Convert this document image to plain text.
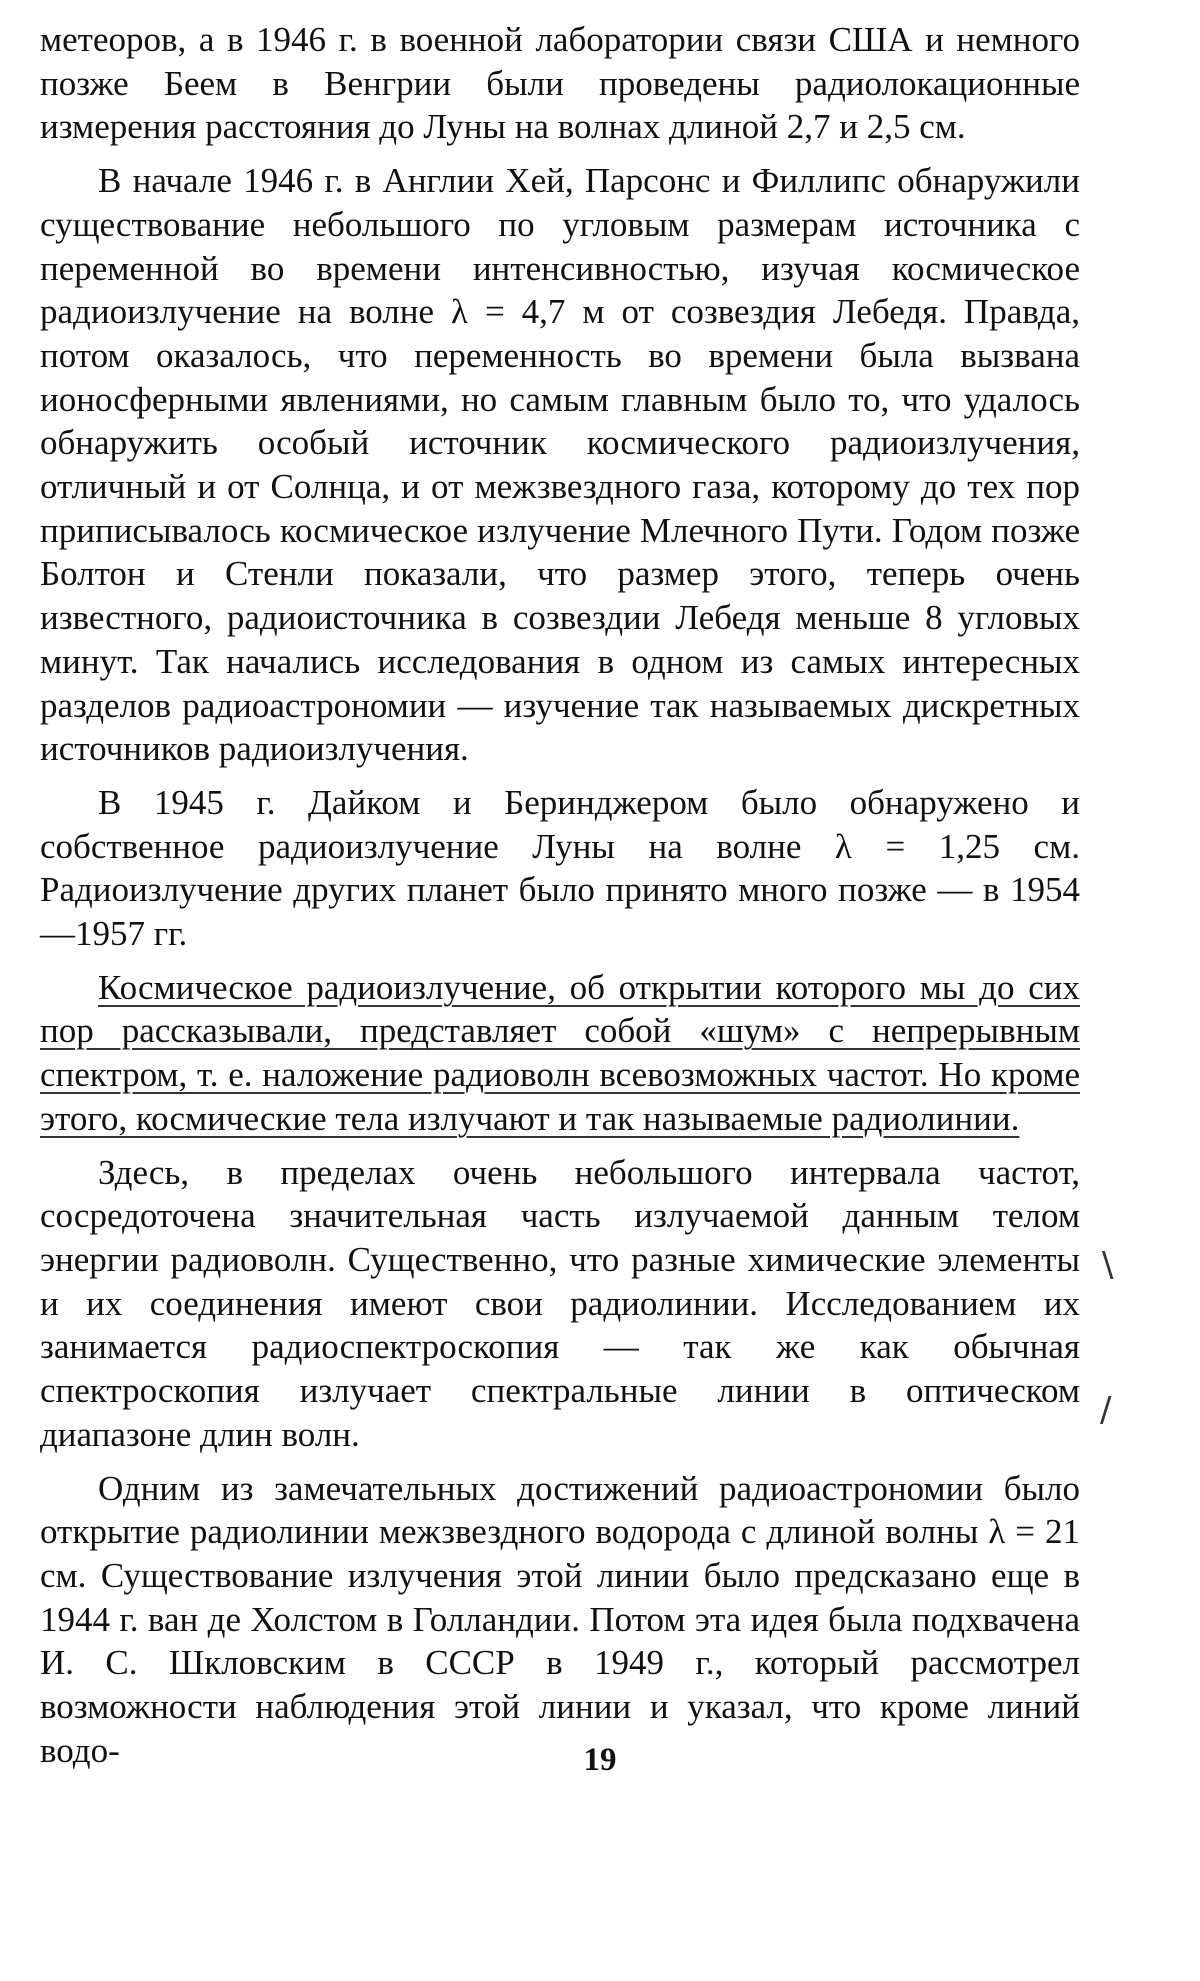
метеоров, а в 1946 г. в военной лаборатории связи США и немного позже Беем в Венгрии были проведены радиолокационные измерения расстояния до Луны на волнах длиной 2,7 и 2,5 см.

В начале 1946 г. в Англии Хей, Парсонс и Филлипс обнаружили существование небольшого по угловым размерам источника с переменной во времени интенсивностью, изучая космическое радиоизлучение на волне λ = 4,7 м от созвездия Лебедя. Правда, потом оказалось, что переменность во времени была вызвана ионосферными явлениями, но самым главным было то, что удалось обнаружить особый источник космического радиоизлучения, отличный и от Солнца, и от межзвездного газа, которому до тех пор приписывалось космическое излучение Млечного Пути. Годом позже Болтон и Стенли показали, что размер этого, теперь очень известного, радиоисточника в созвездии Лебедя меньше 8 угловых минут. Так начались исследования в одном из самых интересных разделов радиоастрономии — изучение так называемых дискретных источников радиоизлучения.

В 1945 г. Дайком и Беринджером было обнаружено и собственное радиоизлучение Луны на волне λ = 1,25 см. Радиоизлучение других планет было принято много позже — в 1954—1957 гг.

Космическое радиоизлучение, об открытии которого мы до сих пор рассказывали, представляет собой «шум» с непрерывным спектром, т. е. наложение радиоволн всевозможных частот. Но кроме этого, космические тела излучают и так называемые радиолинии.

Здесь, в пределах очень небольшого интервала частот, сосредоточена значительная часть излучаемой данным телом энергии радиоволн. Существенно, что разные химические элементы и их соединения имеют свои радиолинии. Исследованием их занимается радиоспектроскопия — так же как обычная спектроскопия излучает спектральные линии в оптическом диапазоне длин волн.

Одним из замечательных достижений радиоастрономии было открытие радиолинии межзвездного водорода с длиной волны λ = 21 см. Существование излучения этой линии было предсказано еще в 1944 г. ван де Холстом в Голландии. Потом эта идея была подхвачена И. С. Шкловским в СССР в 1949 г., который рассмотрел возможности наблюдения этой линии и указал, что кроме линий водо-

\
/
19
